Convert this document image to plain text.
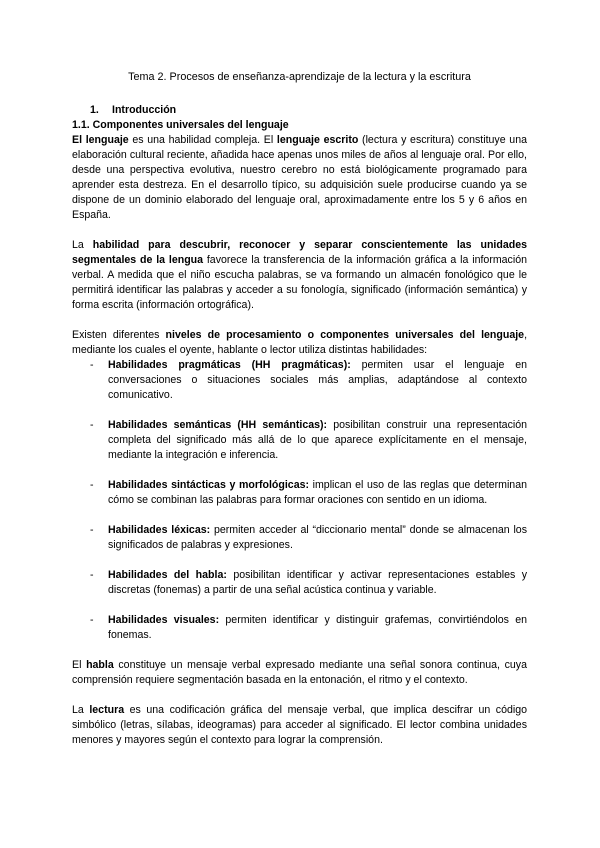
Tema 2. Procesos de enseñanza-aprendizaje de la lectura y la escritura
1. Introducción
1.1. Componentes universales del lenguaje

El lenguaje es una habilidad compleja. El lenguaje escrito (lectura y escritura) constituye una elaboración cultural reciente, añadida hace apenas unos miles de años al lenguaje oral. Por ello, desde una perspectiva evolutiva, nuestro cerebro no está biológicamente programado para aprender esta destreza. En el desarrollo típico, su adquisición suele producirse cuando ya se dispone de un dominio elaborado del lenguaje oral, aproximadamente entre los 5 y 6 años en España.

La habilidad para descubrir, reconocer y separar conscientemente las unidades segmentales de la lengua favorece la transferencia de la información gráfica a la información verbal. A medida que el niño escucha palabras, se va formando un almacén fonológico que le permitirá identificar las palabras y acceder a su fonología, significado (información semántica) y forma escrita (información ortográfica).

Existen diferentes niveles de procesamiento o componentes universales del lenguaje, mediante los cuales el oyente, hablante o lector utiliza distintas habilidades:

- Habilidades pragmáticas (HH pragmáticas): permiten usar el lenguaje en conversaciones o situaciones sociales más amplias, adaptándose al contexto comunicativo.
- Habilidades semánticas (HH semánticas): posibilitan construir una representación completa del significado más allá de lo que aparece explícitamente en el mensaje, mediante la integración e inferencia.
- Habilidades sintácticas y morfológicas: implican el uso de las reglas que determinan cómo se combinan las palabras para formar oraciones con sentido en un idioma.
- Habilidades léxicas: permiten acceder al “diccionario mental” donde se almacenan los significados de palabras y expresiones.
- Habilidades del habla: posibilitan identificar y activar representaciones estables y discretas (fonemas) a partir de una señal acústica continua y variable.
- Habilidades visuales: permiten identificar y distinguir grafemas, convirtiéndolos en fonemas.

El habla constituye un mensaje verbal expresado mediante una señal sonora continua, cuya comprensión requiere segmentación basada en la entonación, el ritmo y el contexto.

La lectura es una codificación gráfica del mensaje verbal, que implica descifrar un código simbólico (letras, sílabas, ideogramas) para acceder al significado. El lector combina unidades menores y mayores según el contexto para lograr la comprensión.
